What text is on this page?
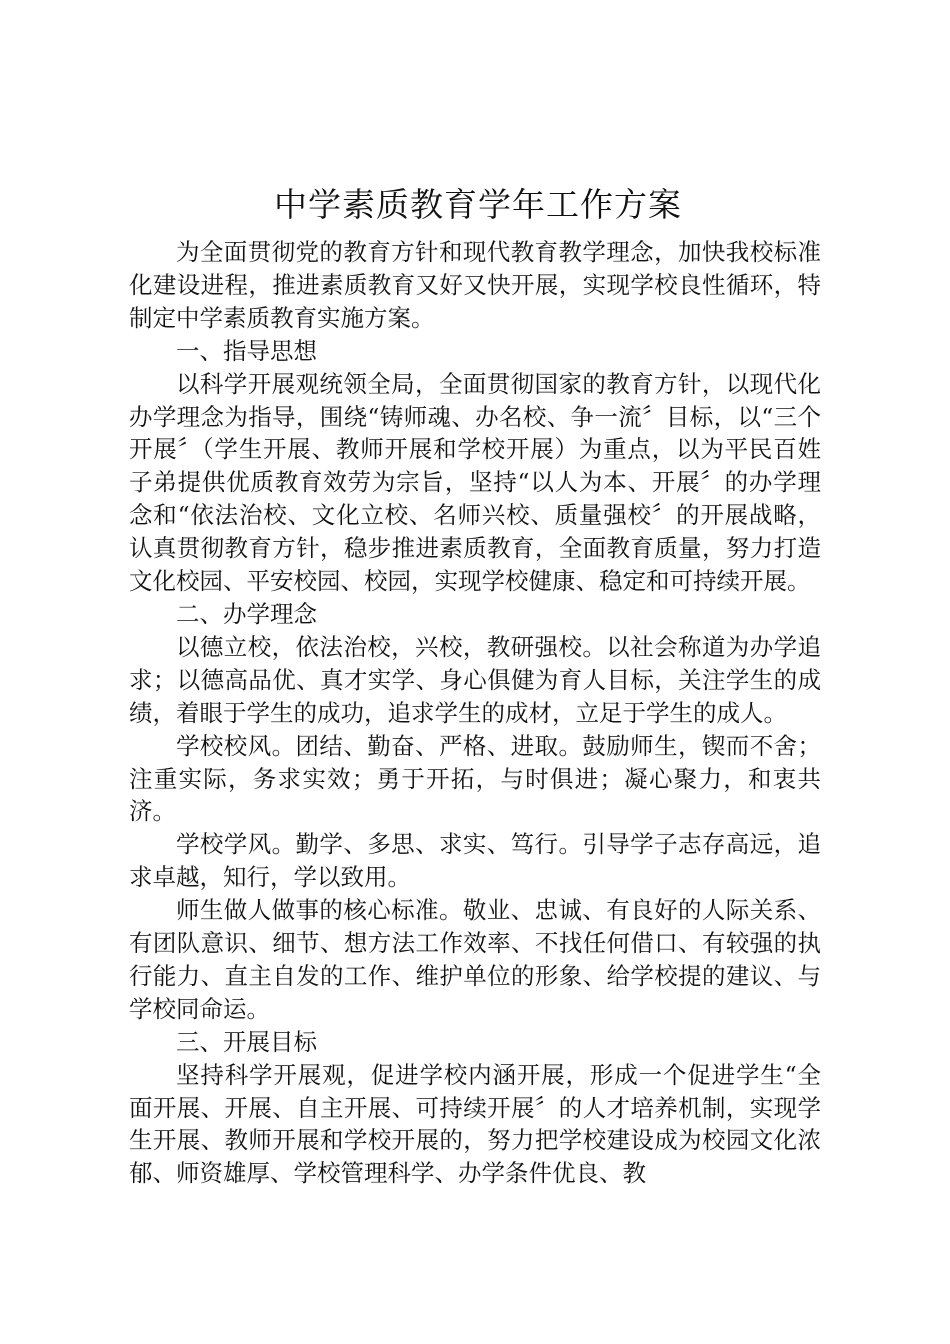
中学素质教育学年工作方案

为全面贯彻党的教育方针和现代教育教学理念，加快我校标准化建设进程，推进素质教育又好又快开展，实现学校良性循环，特制定中学素质教育实施方案。

一、指导思想

以科学开展观统领全局，全面贯彻国家的教育方针，以现代化办学理念为指导，围绕“铸师魂、办名校、争一流〞目标，以“三个开展〞（学生开展、教师开展和学校开展）为重点，以为平民百姓子弟提供优质教育效劳为宗旨，坚持“以人为本、开展〞的办学理念和“依法治校、文化立校、名师兴校、质量强校〞的开展战略，认真贯彻教育方针，稳步推进素质教育，全面教育质量，努力打造文化校园、平安校园、校园，实现学校健康、稳定和可持续开展。

二、办学理念

以德立校，依法治校，兴校，教研强校。以社会称道为办学追求；以德高品优、真才实学、身心俱健为育人目标，关注学生的成绩，着眼于学生的成功，追求学生的成材，立足于学生的成人。

学校校风。团结、勤奋、严格、进取。鼓励师生，锲而不舍；注重实际，务求实效；勇于开拓，与时俱进；凝心聚力，和衷共济。

学校学风。勤学、多思、求实、笃行。引导学子志存高远，追求卓越，知行，学以致用。

师生做人做事的核心标准。敬业、忠诚、有良好的人际关系、有团队意识、细节、想方法工作效率、不找任何借口、有较强的执行能力、直主自发的工作、维护单位的形象、给学校提的建议、与学校同命运。

三、开展目标

坚持科学开展观，促进学校内涵开展，形成一个促进学生“全面开展、开展、自主开展、可持续开展〞的人才培养机制，实现学生开展、教师开展和学校开展的，努力把学校建设成为校园文化浓郁、师资雄厚、学校管理科学、办学条件优良、教
